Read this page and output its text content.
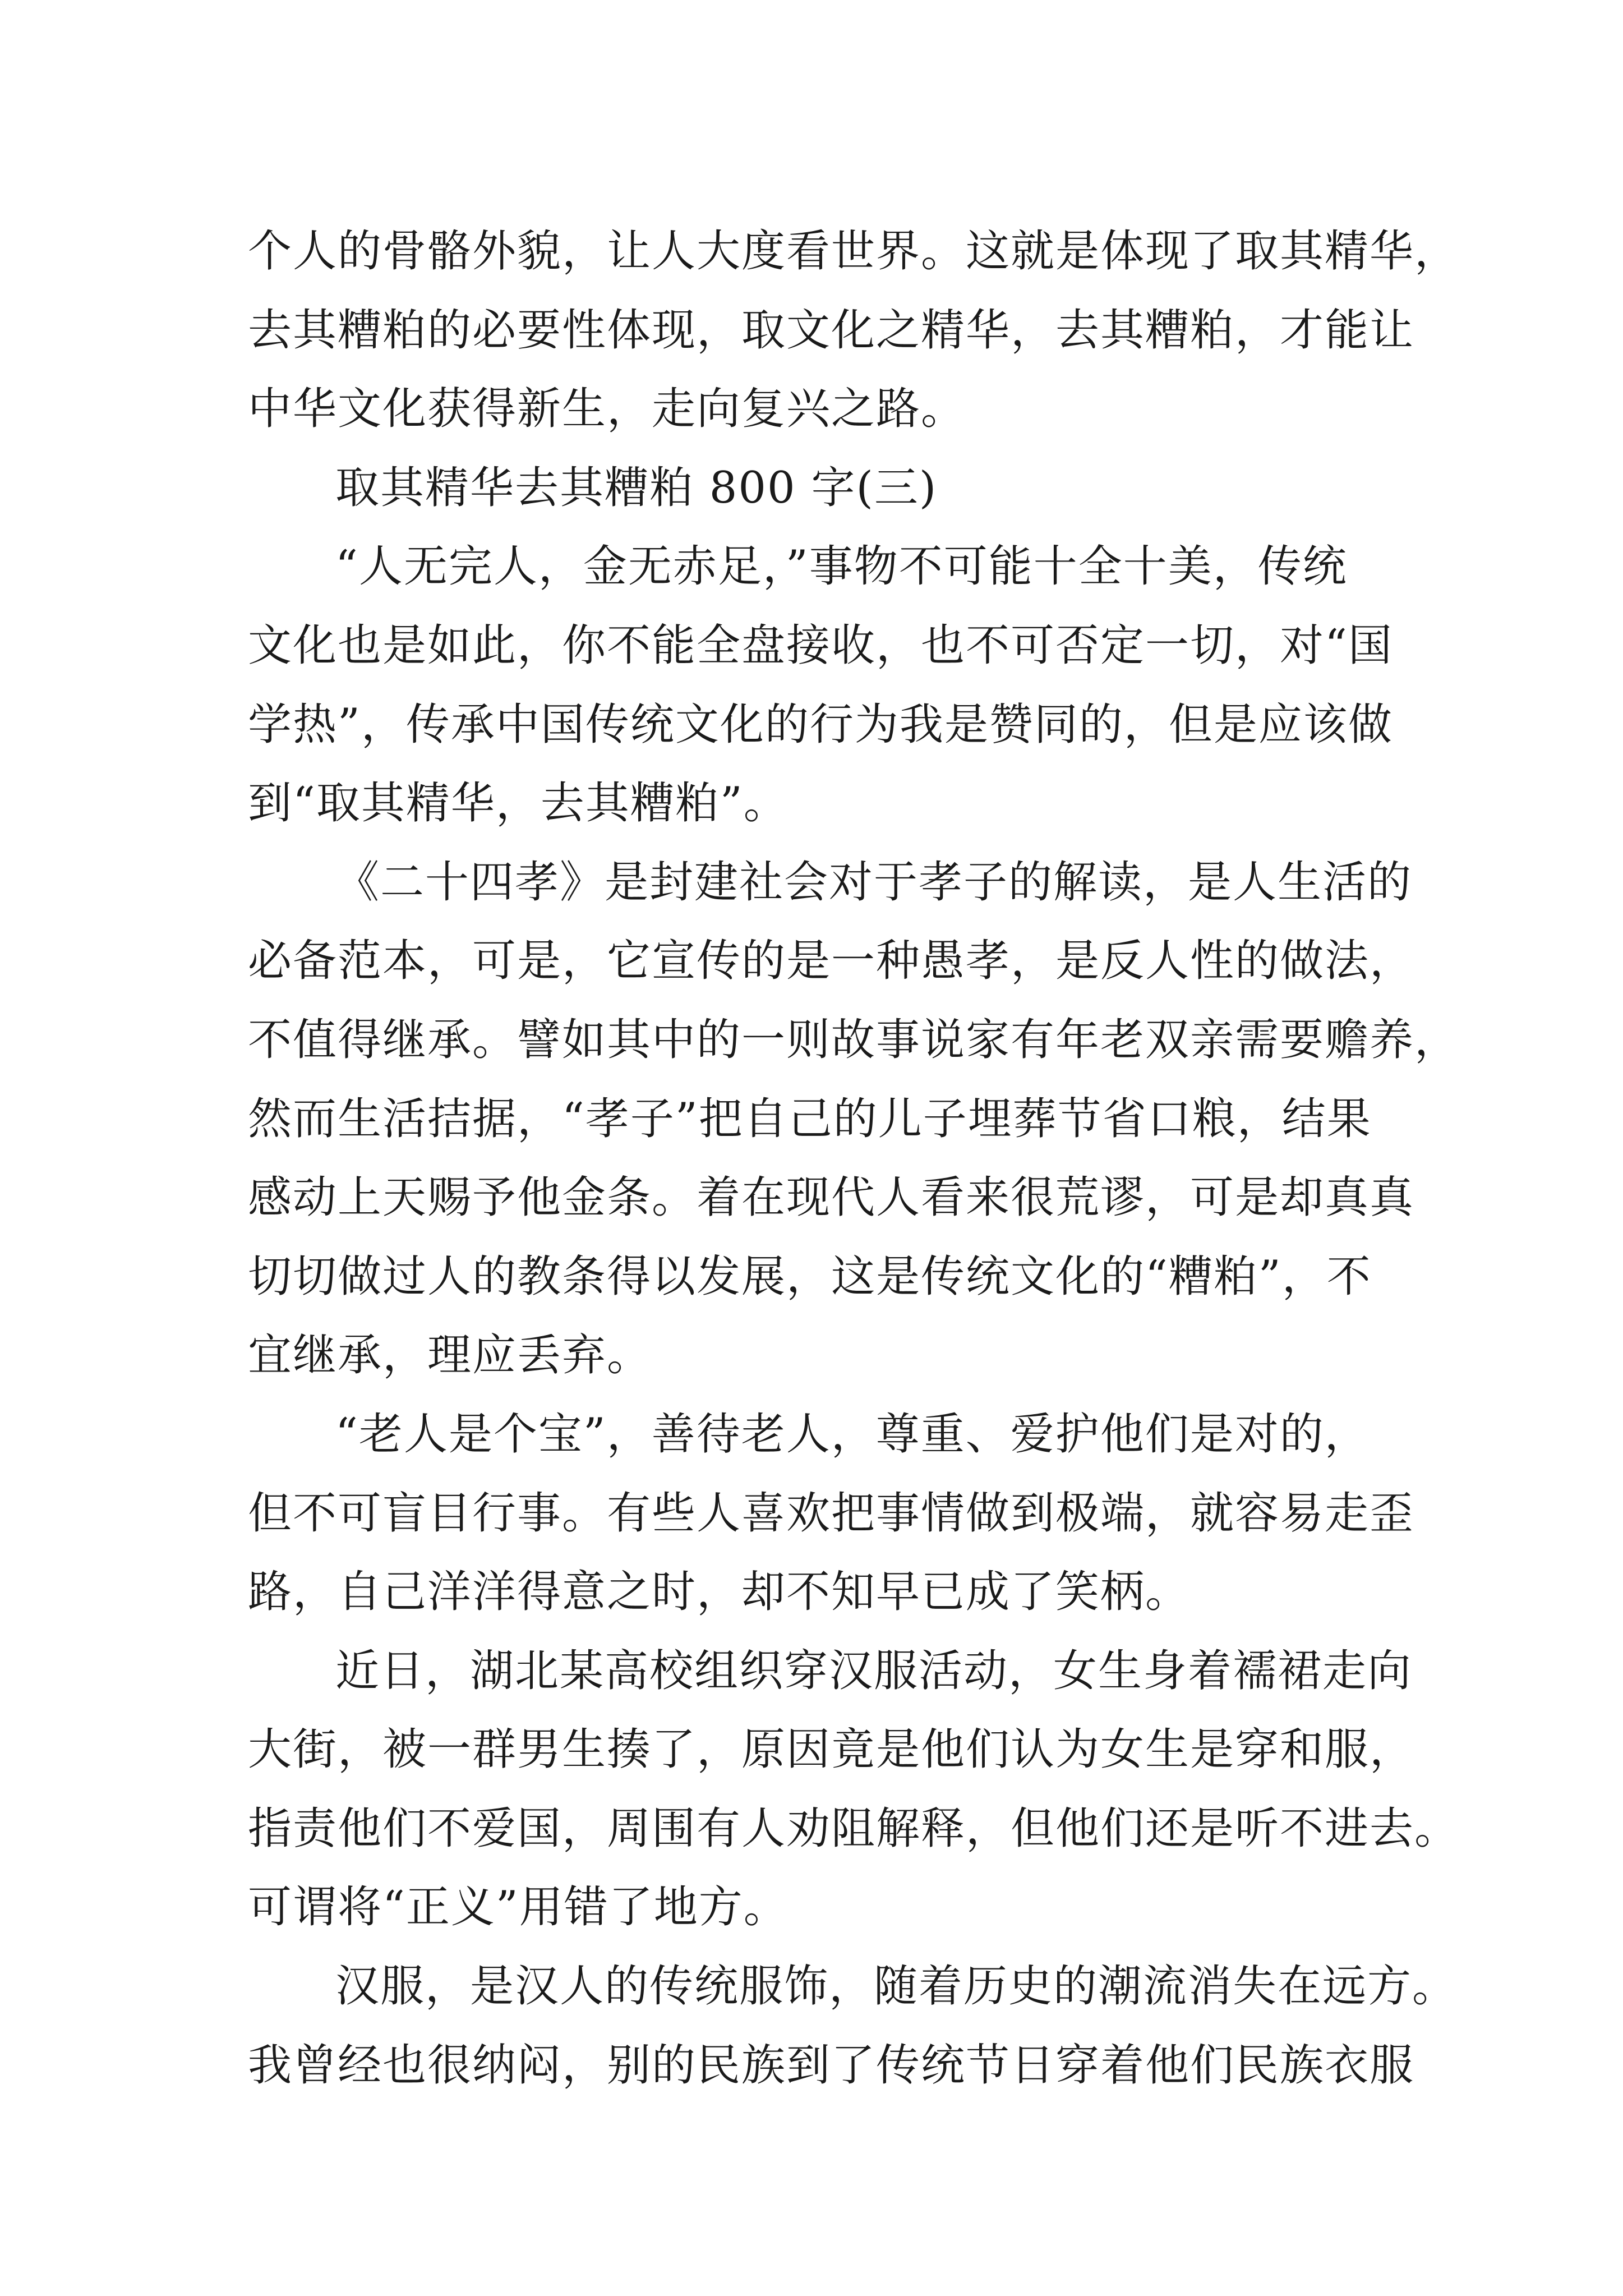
个人的骨骼外貌，让人大度看世界。这就是体现了取其精华，
去其糟粕的必要性体现，取文化之精华，去其糟粕，才能让
中华文化获得新生，走向复兴之路。
取其精华去其糟粕 800 字(三)
“人无完人，金无赤足，”事物不可能十全十美，传统
文化也是如此，你不能全盘接收，也不可否定一切，对“国
学热”，传承中国传统文化的行为我是赞同的，但是应该做
到“取其精华，去其糟粕”。
《二十四孝》是封建社会对于孝子的解读，是人生活的
必备范本，可是，它宣传的是一种愚孝，是反人性的做法，
不值得继承。譬如其中的一则故事说家有年老双亲需要赡养，
然而生活拮据，“孝子”把自己的儿子埋葬节省口粮，结果
感动上天赐予他金条。着在现代人看来很荒谬，可是却真真
切切做过人的教条得以发展，这是传统文化的“糟粕”，不
宜继承，理应丢弃。
“老人是个宝”，善待老人，尊重、爱护他们是对的，
但不可盲目行事。有些人喜欢把事情做到极端，就容易走歪
路，自己洋洋得意之时，却不知早已成了笑柄。
近日，湖北某高校组织穿汉服活动，女生身着襦裙走向
大街，被一群男生揍了，原因竟是他们认为女生是穿和服，
指责他们不爱国，周围有人劝阻解释，但他们还是听不进去。
可谓将“正义”用错了地方。
汉服，是汉人的传统服饰，随着历史的潮流消失在远方。
我曾经也很纳闷，别的民族到了传统节日穿着他们民族衣服
